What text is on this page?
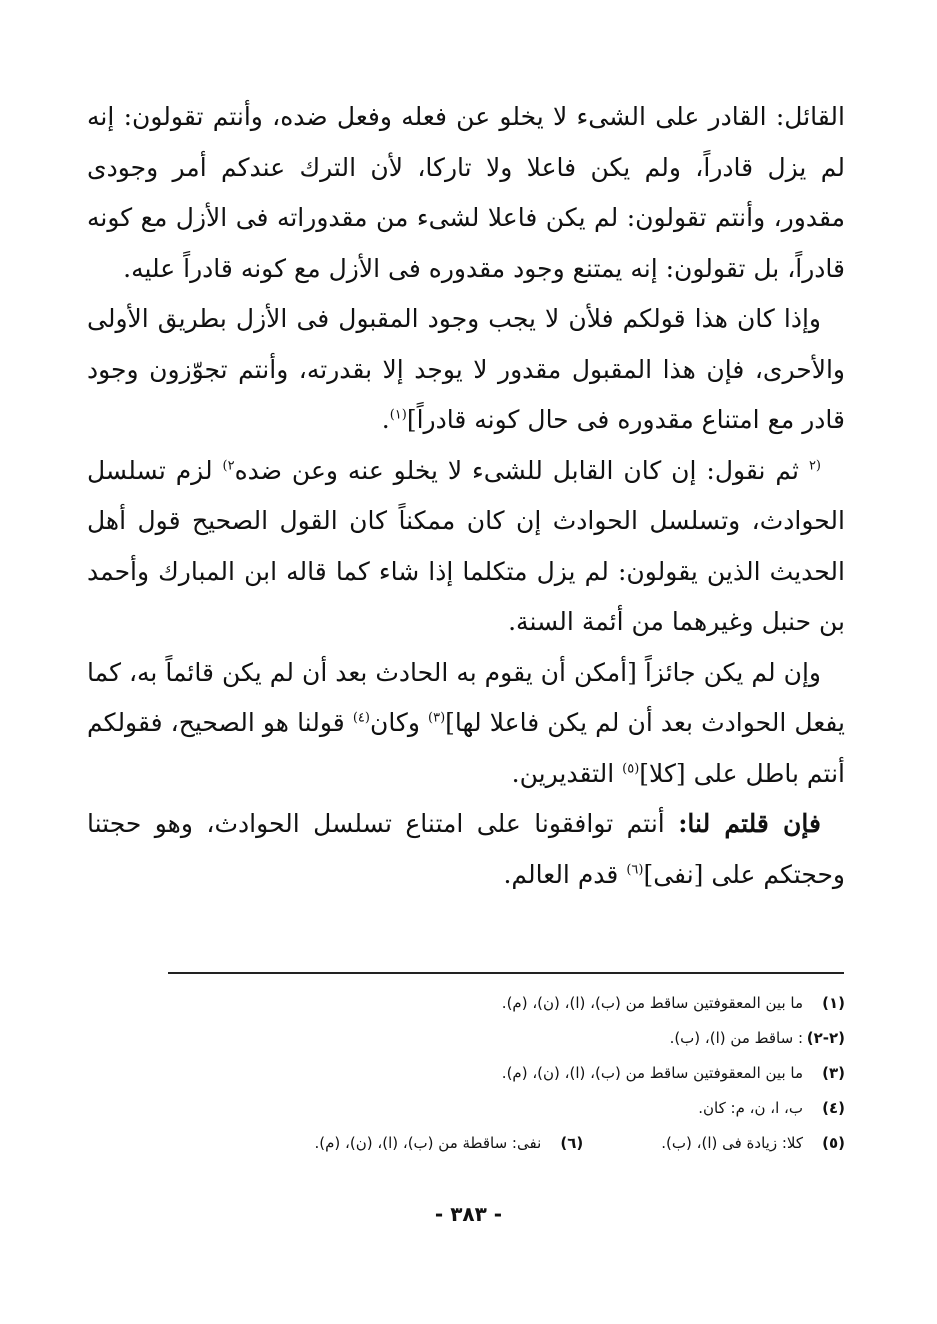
القائل: القادر على الشىء لا يخلو عن فعله وفعل ضده، وأنتم تقولون: إنه لم يزل قادراً، ولم يكن فاعلا ولا تاركا، لأن الترك عندكم أمر وجودى مقدور، وأنتم تقولون: لم يكن فاعلا لشىء من مقدوراته فى الأزل مع كونه قادراً، بل تقولون: إنه يمتنع وجود مقدوره فى الأزل مع كونه قادراً عليه.

وإذا كان هذا قولكم فلأن لا يجب وجود المقبول فى الأزل بطريق الأولى والأحرى، فإن هذا المقبول مقدور لا يوجد إلا بقدرته، وأنتم تجوّزون وجود قادر مع امتناع مقدوره فى حال كونه قادراً]$^{(١)}$.

$^{(٢}$ ثم نقول: إن كان القابل للشىء لا يخلو عنه وعن ضده$^{٢)}$ لزم تسلسل الحوادث، وتسلسل الحوادث إن كان ممكناً كان القول الصحيح قول أهل الحديث الذين يقولون: لم يزل متكلما إذا شاء كما قاله ابن المبارك وأحمد بن حنبل وغيرهما من أئمة السنة.

وإن لم يكن جائزاً [أمكن أن يقوم به الحادث بعد أن لم يكن قائماً به، كما يفعل الحوادث بعد أن لم يكن فاعلا لها]$^{(٣)}$ وكان$^{(٤)}$ قولنا هو الصحيح، فقولكم أنتم باطل على [كلا]$^{(٥)}$ التقديرين.

فإن قلتم لنا: أنتم توافقونا على امتناع تسلسل الحوادث، وهو حجتنا وحجتكم على [نفى]$^{(٦)}$ قدم العالم.

(١)
ما بين المعقوفتين ساقط من (ب)، (ا)، (ن)، (م).
(٢-٢)
: ساقط من (ا)، (ب).
(٣)
ما بين المعقوفتين ساقط من (ب)، (ا)، (ن)، (م).
(٤)
ب، ا، ن، م: كان.
(٥)
كلا: زيادة فى (ا)، (ب).
(٦)
نفى: ساقطة من (ب)، (ا)، (ن)، (م).
- ٣٨٣ -
